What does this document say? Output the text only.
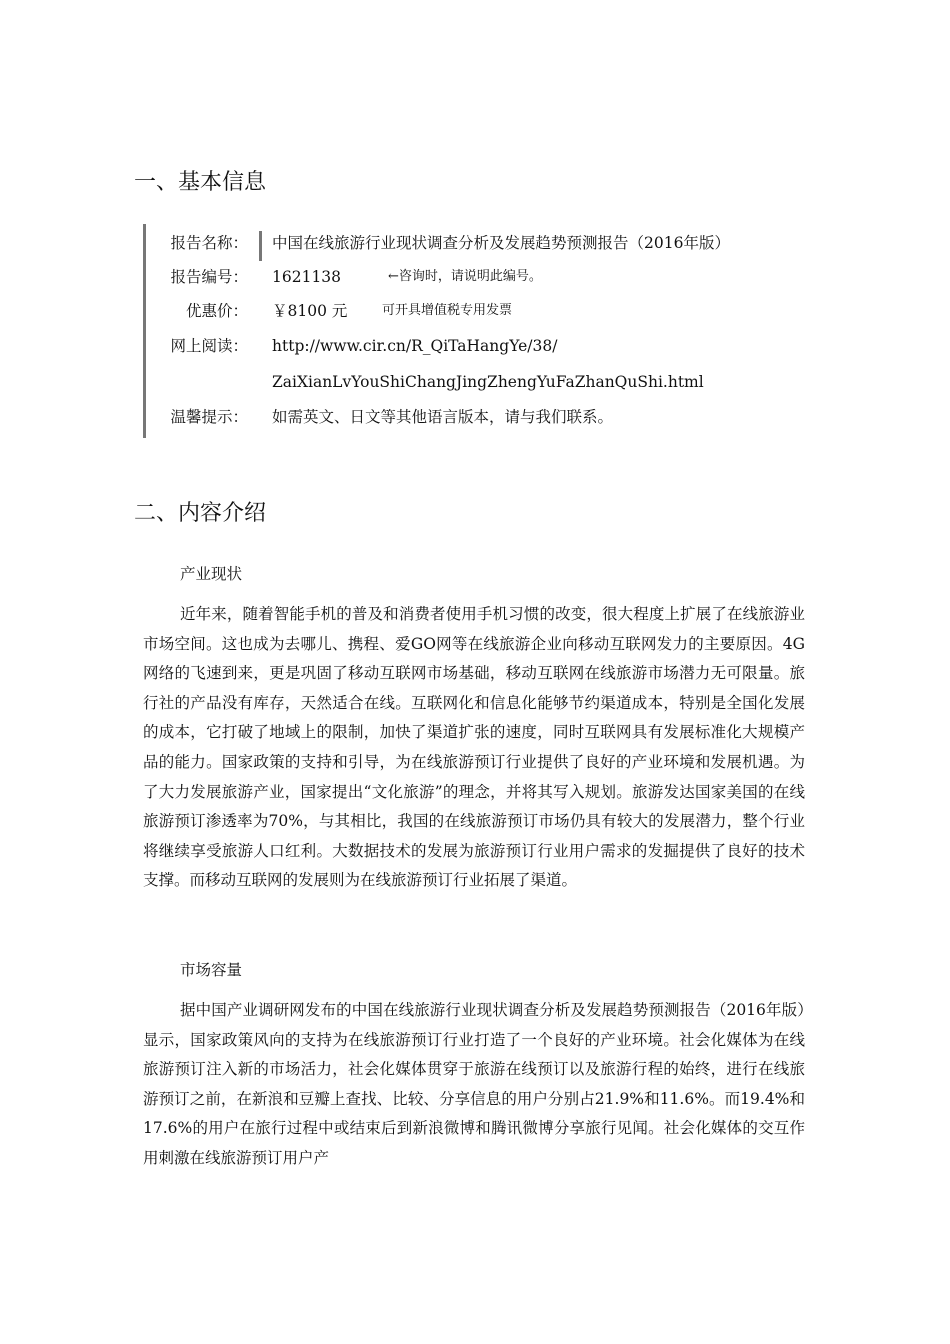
一、基本信息
报告名称： 中国在线旅游行业现状调查分析及发展趋势预测报告（2016年版）
报告编号： 1621138	←咨询时，请说明此编号。
优惠价： ￥8100 元	可开具增值税专用发票
网上阅读： http://www.cir.cn/R_QiTaHangYe/38/
ZaiXianLvYouShiChangJingZhengYuFaZhanQuShi.html
温馨提示： 如需英文、日文等其他语言版本，请与我们联系。
二、内容介绍
产业现状

近年来，随着智能手机的普及和消费者使用手机习惯的改变，很大程度上扩展了在线旅游业市场空间。这也成为去哪儿、携程、爱GO网等在线旅游企业向移动互联网发力的主要原因。4G网络的飞速到来，更是巩固了移动互联网市场基础，移动互联网在线旅游市场潜力无可限量。旅行社的产品没有库存，天然适合在线。互联网化和信息化能够节约渠道成本，特别是全国化发展的成本，它打破了地域上的限制，加快了渠道扩张的速度，同时互联网具有发展标准化大规模产品的能力。国家政策的支持和引导，为在线旅游预订行业提供了良好的产业环境和发展机遇。为了大力发展旅游产业，国家提出“文化旅游”的理念，并将其写入规划。旅游发达国家美国的在线旅游预订渗透率为70%，与其相比，我国的在线旅游预订市场仍具有较大的发展潜力，整个行业将继续享受旅游人口红利。大数据技术的发展为旅游预订行业用户需求的发掘提供了良好的技术支撑。而移动互联网的发展则为在线旅游预订行业拓展了渠道。

市场容量

据中国产业调研网发布的中国在线旅游行业现状调查分析及发展趋势预测报告（2016年版）显示，国家政策风向的支持为在线旅游预订行业打造了一个良好的产业环境。社会化媒体为在线旅游预订注入新的市场活力，社会化媒体贯穿于旅游在线预订以及旅游行程的始终，进行在线旅游预订之前，在新浪和豆瓣上查找、比较、分享信息的用户分别占21.9%和11.6%。而19.4%和17.6%的用户在旅行过程中或结束后到新浪微博和腾讯微博分享旅行见闻。社会化媒体的交互作用刺激在线旅游预订用户产
